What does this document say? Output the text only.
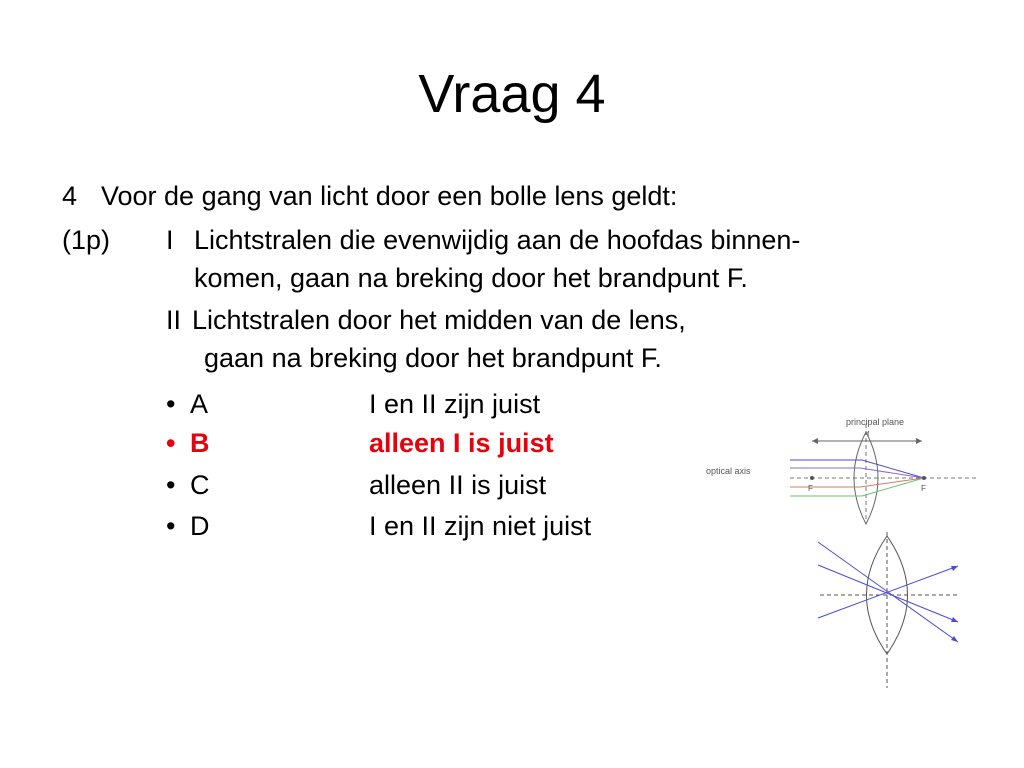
Vraag 4
4 Voor de gang van licht door een bolle lens geldt:
(1p) I Lichtstralen die evenwijdig aan de hoofdas binnen-
komen, gaan na breking door het brandpunt F.
II Lichtstralen door het midden van de lens,
gaan na breking door het brandpunt F.
• A	I en II zijn juist
• B	alleen I is juist
• C	alleen II is juist
• D	I en II zijn niet juist
principal plane
f
optical axis
F	F
